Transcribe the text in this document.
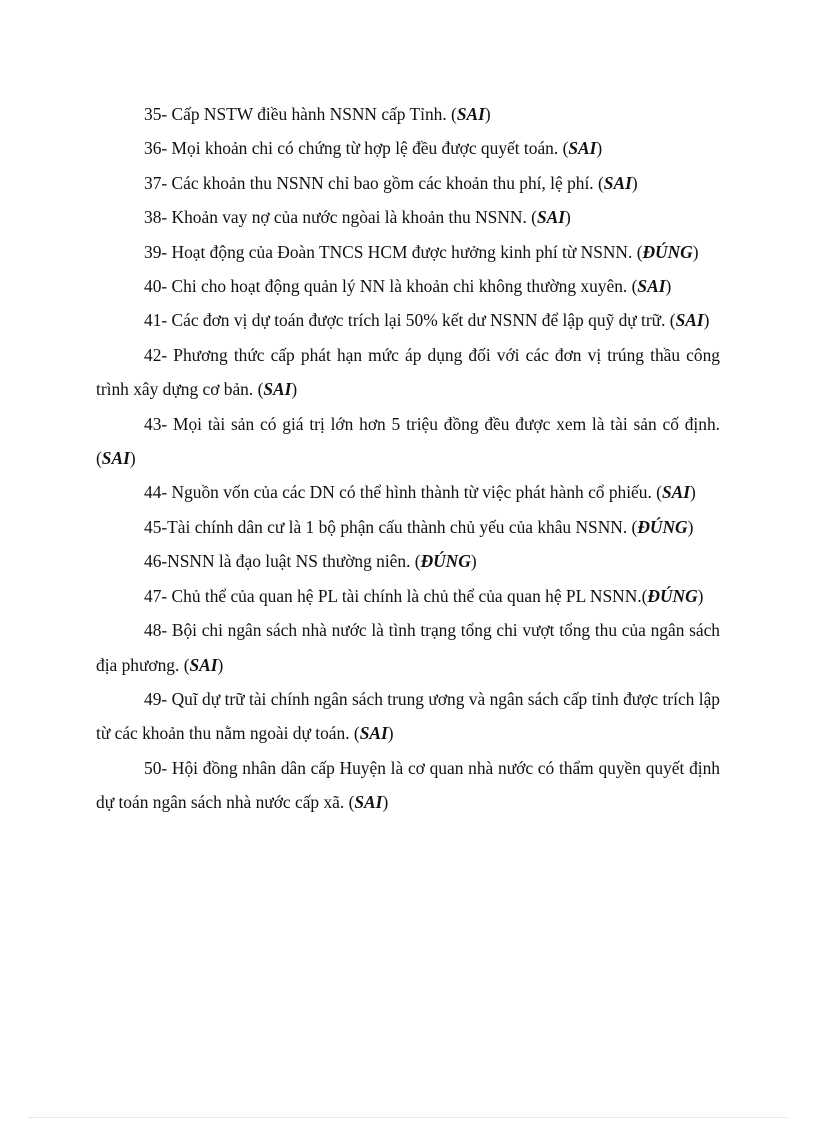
35- Cấp NSTW điều hành NSNN cấp Tỉnh. (SAI)

36- Mọi khoản chi có chứng từ hợp lệ đều được quyết toán. (SAI)

37- Các khoản thu NSNN chỉ bao gồm các khoản thu phí, lệ phí. (SAI)

38- Khoản vay nợ của nước ngòai là khoản thu NSNN. (SAI)

39- Hoạt động của Đoàn TNCS HCM được hưởng kinh phí từ NSNN. (ĐÚNG)

40- Chi cho hoạt động quản lý NN là khoản chi không thường xuyên. (SAI)

41- Các đơn vị dự toán được trích lại 50% kết dư NSNN để lập quỹ dự trữ. (SAI)

42- Phương thức cấp phát hạn mức áp dụng đối với các đơn vị trúng thầu công trình xây dựng cơ bản. (SAI)

43- Mọi tài sản có giá trị lớn hơn 5 triệu đồng đều được xem là tài sản cố định. (SAI)

44- Nguồn vốn của các DN có thể hình thành từ việc phát hành cổ phiếu. (SAI)

45-Tài chính dân cư là 1 bộ phận cấu thành chủ yếu của khâu NSNN. (ĐÚNG)

46-NSNN là đạo luật NS thường niên. (ĐÚNG)

47- Chủ thể của quan hệ PL tài chính là chủ thể của quan hệ PL NSNN.(ĐÚNG)

48- Bội chi ngân sách nhà nước là tình trạng tổng chi vượt tổng thu của ngân sách địa phương. (SAI)

49- Quĩ dự trữ tài chính ngân sách trung ương và ngân sách cấp tỉnh được trích lập từ các khoản thu nằm ngoài dự toán. (SAI)

50- Hội đồng nhân dân cấp Huyện là cơ quan nhà nước có thẩm quyền quyết định dự toán ngân sách nhà nước cấp xã. (SAI)
